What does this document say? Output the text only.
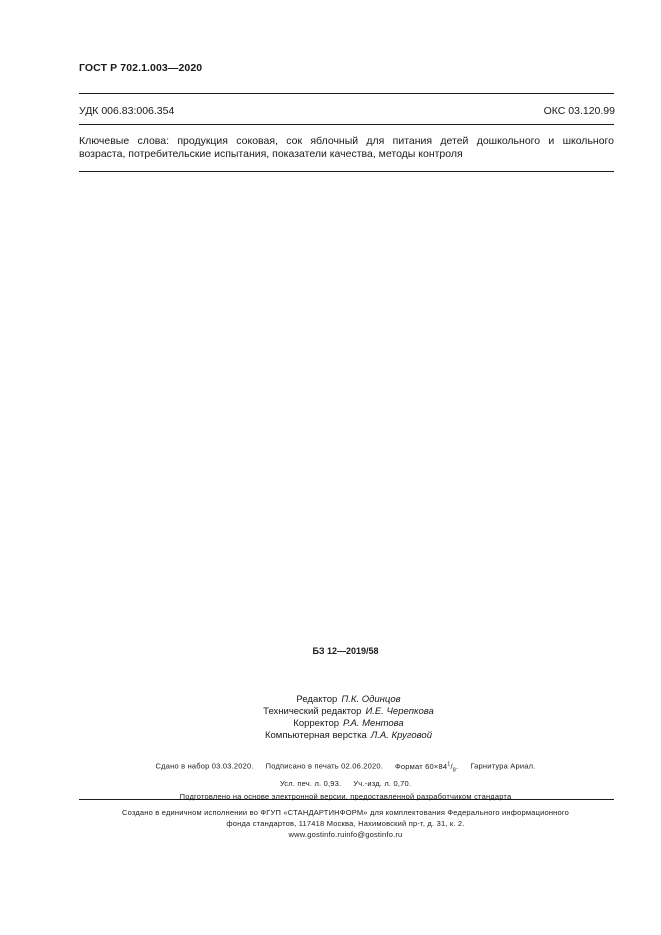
ГОСТ Р 702.1.003—2020
УДК 006.83:006.354	ОКС 03.120.99
Ключевые слова: продукция соковая, сок яблочный для питания детей дошкольного и школьного
возраста, потребительские испытания, показатели качества, методы контроля
БЗ 12—2019/58
Редактор П.К. Одинцов
Технический редактор И.Е. Черепкова
Корректор Р.А. Ментова
Компьютерная верстка Л.А. Круговой
Сдано в набор 03.03.2020. Подписано в печать 02.06.2020. Формат $60\times 84^1/_8$. Гарнитура Ариал.
Усл. печ. л. 0,93. Уч.-изд. л. 0,70.
Подготовлено на основе электронной версии, предоставленной разработчиком стандарта
Создано в единичном исполнении во ФГУП «СТАНДАРТИНФОРМ» для комплектования Федерального информационного
фонда стандартов, 117418 Москва, Нахимовский пр-т, д. 31, к. 2.
www.gostinfo.ruinfo@gostinfo.ru
